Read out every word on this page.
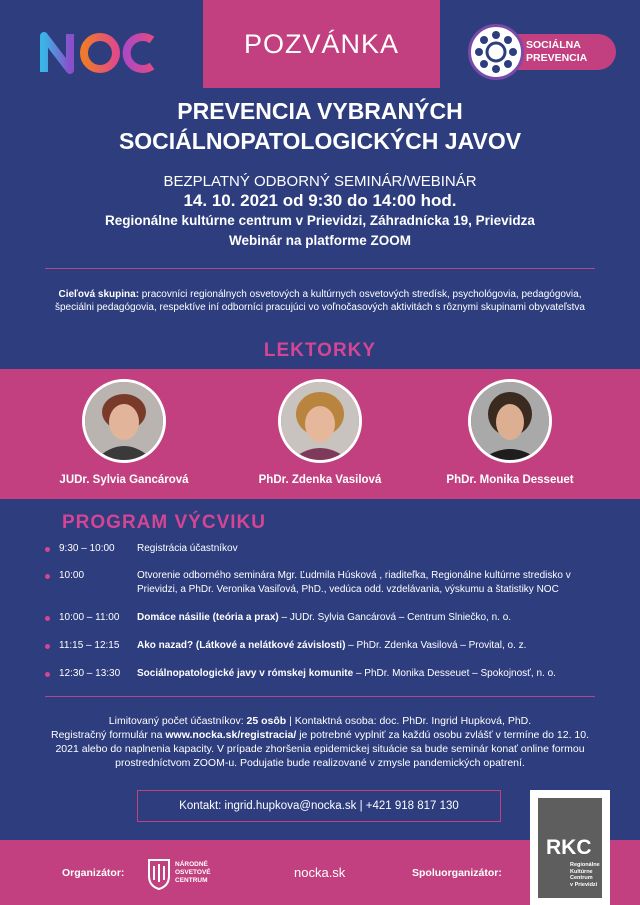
POZVÁNKA	SOCIÁLNA
PREVENCIA
PREVENCIA VYBRANÝCH
SOCIÁLNOPATOLOGICKÝCH JAVOV
BEZPLATNÝ ODBORNÝ SEMINÁR/WEBINÁR
14. 10. 2021 od 9:30 do 14:00 hod.
Regionálne kultúrne centrum v Prievidzi, Záhradnícka 19, Prievidza
Webinár na platforme ZOOM
Cieľová skupina: pracovníci regionálnych osvetových a kultúrnych osvetových stredísk, psychológovia, pedagógovia, špeciálni pedagógovia, respektíve iní odborníci pracujúci vo voľnočasových aktivitách s rôznymi skupinami obyvateľstva
LEKTORKY
JUDr. Sylvia Gancárová	PhDr. Zdenka Vasilová	PhDr. Monika Desseuet
PROGRAM VÝCVIKU
9:30 – 10:00 Registrácia účastníkov
10:00	Otvorenie odborného seminára Mgr. Ľudmila Húsková , riaditeľka, Regionálne kultúrne stredisko v Prievidzi, a PhDr. Veronika Vasiľová, PhD., vedúca odd. vzdelávania, výskumu a štatistiky NOC
10:00 – 11:00 Domáce násilie (teória a prax) – JUDr. Sylvia Gancárová – Centrum Slniečko, n. o.
11:15 – 12:15 Ako nazad? (Látkové a nelátkové závislosti) – PhDr. Zdenka Vasilová – Provital, o. z.
12:30 – 13:30 Sociálnopatologické javy v rómskej komunite – PhDr. Monika Desseuet – Spokojnosť, n. o.
Limitovaný počet účastníkov: 25 osôb | Kontaktná osoba: doc. PhDr. Ingrid Hupková, PhD.
Registračný formulár na www.nocka.sk/registracia/ je potrebné vyplniť za každú osobu zvlášť v termíne do 12. 10. 2021 alebo do naplnenia kapacity. V prípade zhoršenia epidemickej situácie sa bude seminár konať online formou prostredníctvom ZOOM-u. Podujatie bude realizované v zmysle pandemických opatrení.
Kontakt: ingrid.hupkova@nocka.sk | +421 918 817 130
Organizátor:
NÁRODNÉ
OSVETOVÉ
CENTRUM
nocka.sk	Spoluorganizátor:
RKC
Regionálne
Kultúrne
Centrum
v Prievidzi
